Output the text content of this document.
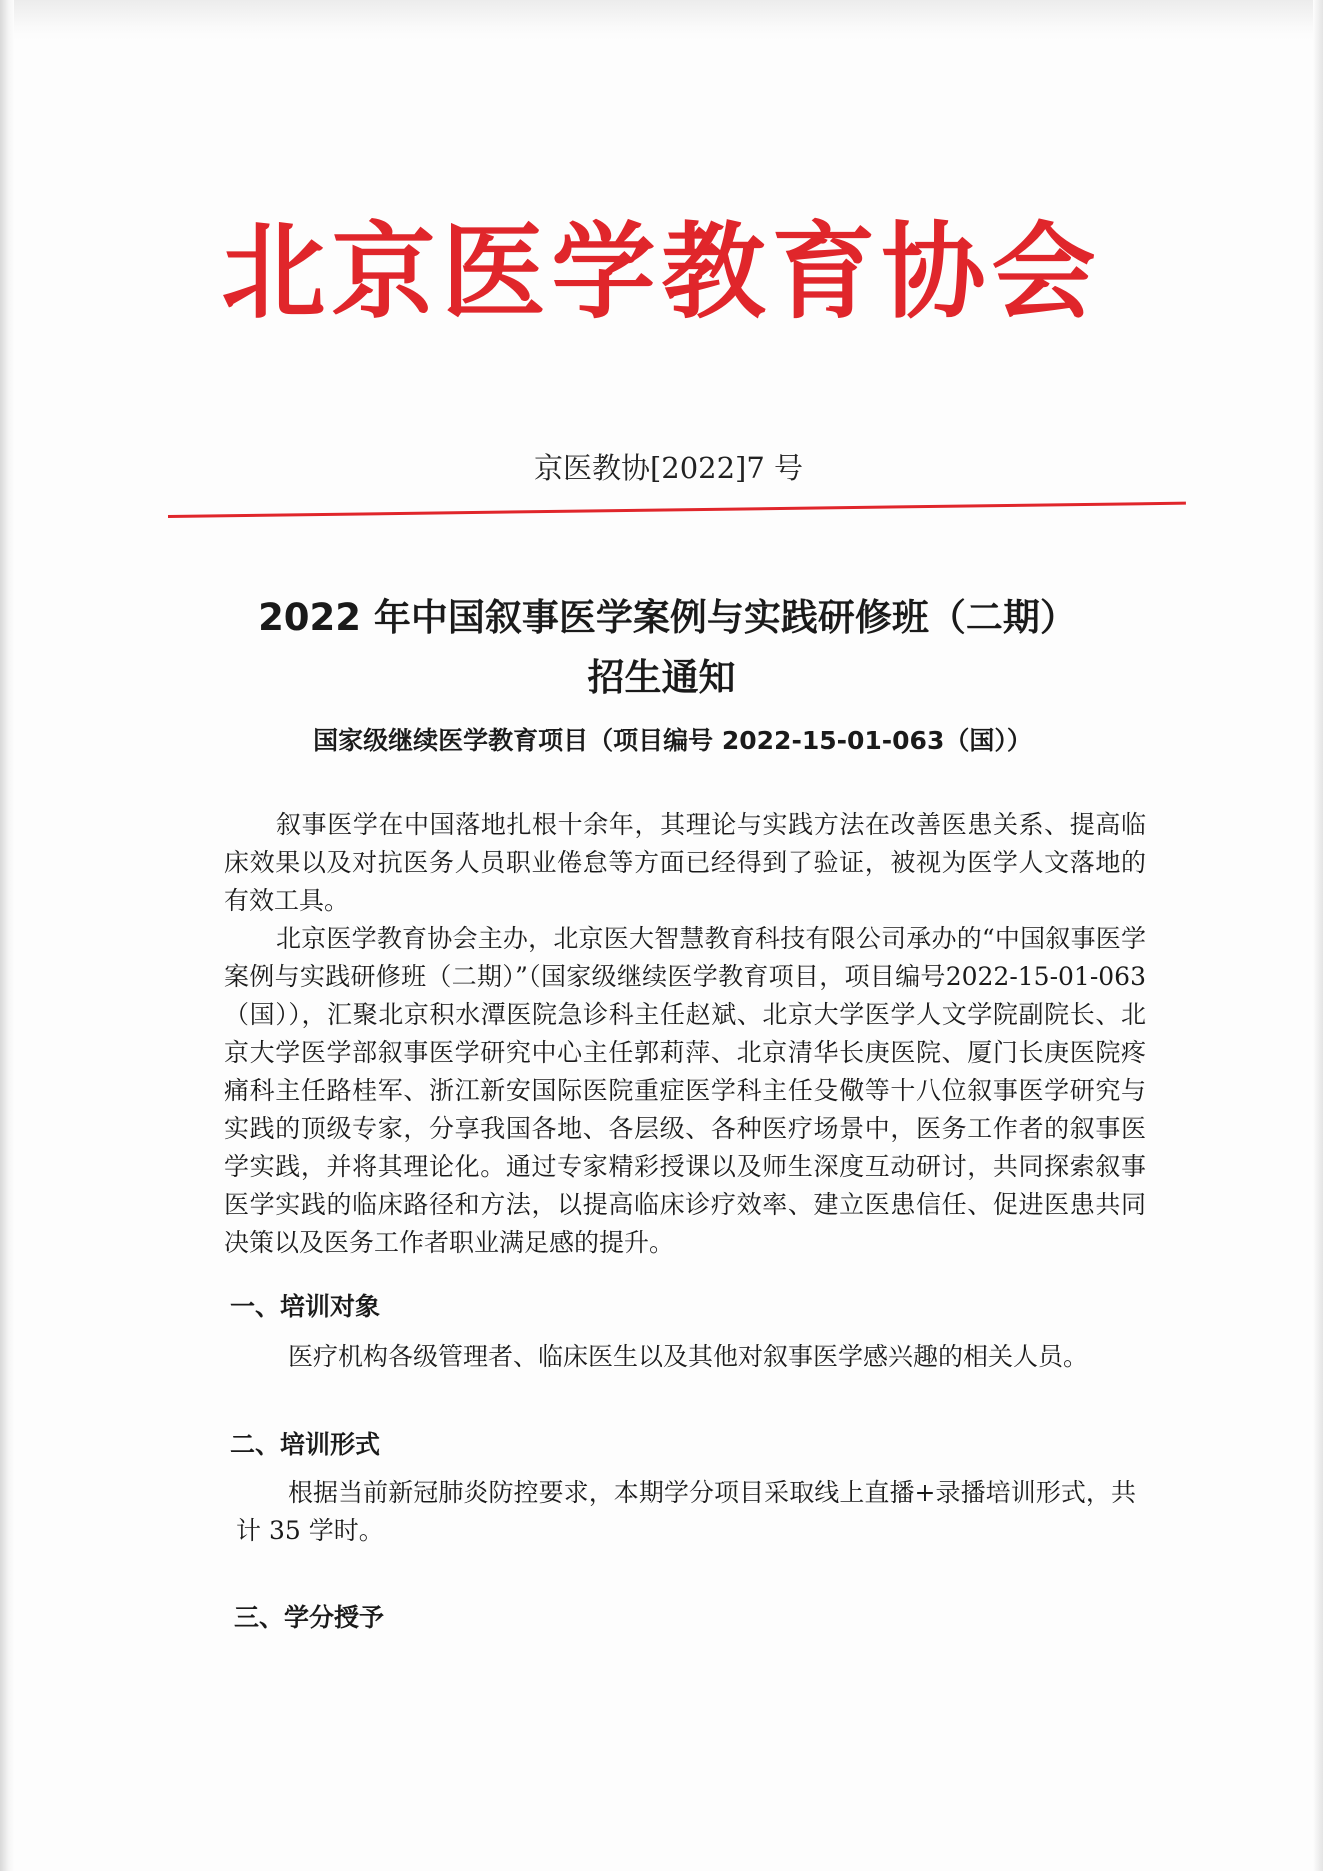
北京医学教育协会
京医教协[2022]7 号
2022 年中国叙事医学案例与实践研修班（二期）
招生通知
国家级继续医学教育项目（项目编号 2022-15-01-063（国））

叙事医学在中国落地扎根十余年，其理论与实践方法在改善医患关系、提高临床效果以及对抗医务人员职业倦怠等方面已经得到了验证，被视为医学人文落地的有效工具。

北京医学教育协会主办，北京医大智慧教育科技有限公司承办的“中国叙事医学案例与实践研修班（二期）”（国家级继续医学教育项目，项目编号2022-15-01-063（国）），汇聚北京积水潭医院急诊科主任赵斌、北京大学医学人文学院副院长、北京大学医学部叙事医学研究中心主任郭莉萍、北京清华长庚医院、厦门长庚医院疼痛科主任路桂军、浙江新安国际医院重症医学科主任殳儆等十八位叙事医学研究与实践的顶级专家，分享我国各地、各层级、各种医疗场景中，医务工作者的叙事医学实践，并将其理论化。通过专家精彩授课以及师生深度互动研讨，共同探索叙事医学实践的临床路径和方法，以提高临床诊疗效率、建立医患信任、促进医患共同决策以及医务工作者职业满足感的提升。

一、培训对象

医疗机构各级管理者、临床医生以及其他对叙事医学感兴趣的相关人员。

二、培训形式

根据当前新冠肺炎防控要求，本期学分项目采取线上直播+录播培训形式，共计 35 学时。

三、学分授予
